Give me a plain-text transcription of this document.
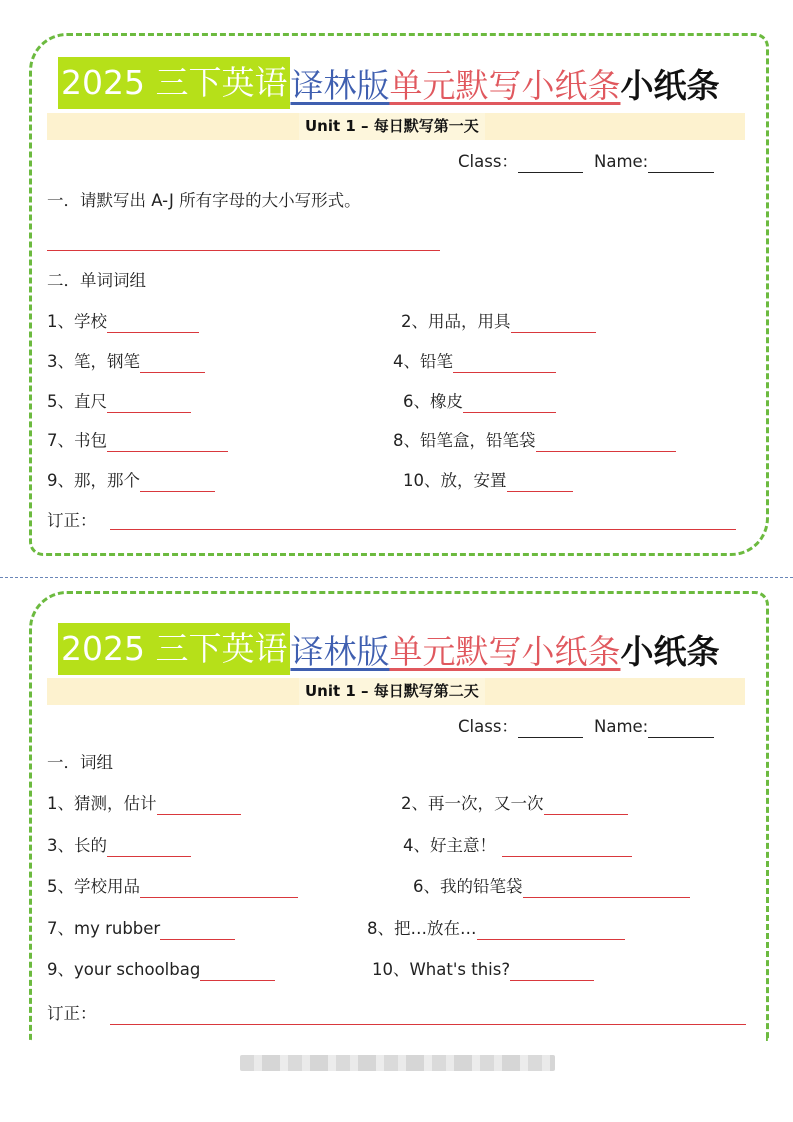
2025 三下英语 译林版 单元默写小纸条 小纸条
Unit 1 – 每日默写第一天
Class：	Name:
一．请默写出 A-J 所有字母的大小写形式。
二．单词词组
1、学校	2、用品，用具
3、笔，钢笔	4、铅笔
5、直尺	6、橡皮
7、书包	8、铅笔盒，铅笔袋
9、那，那个	10、放，安置
订正：
2025 三下英语 译林版 单元默写小纸条 小纸条
Unit 1 – 每日默写第二天
Class：	Name:
一．词组
1、猜测，估计	2、再一次，又一次
3、长的	4、好主意！
5、学校用品	6、我的铅笔袋
7、my rubber	8、把…放在…
9、your schoolbag	10、What's this?
订正：
